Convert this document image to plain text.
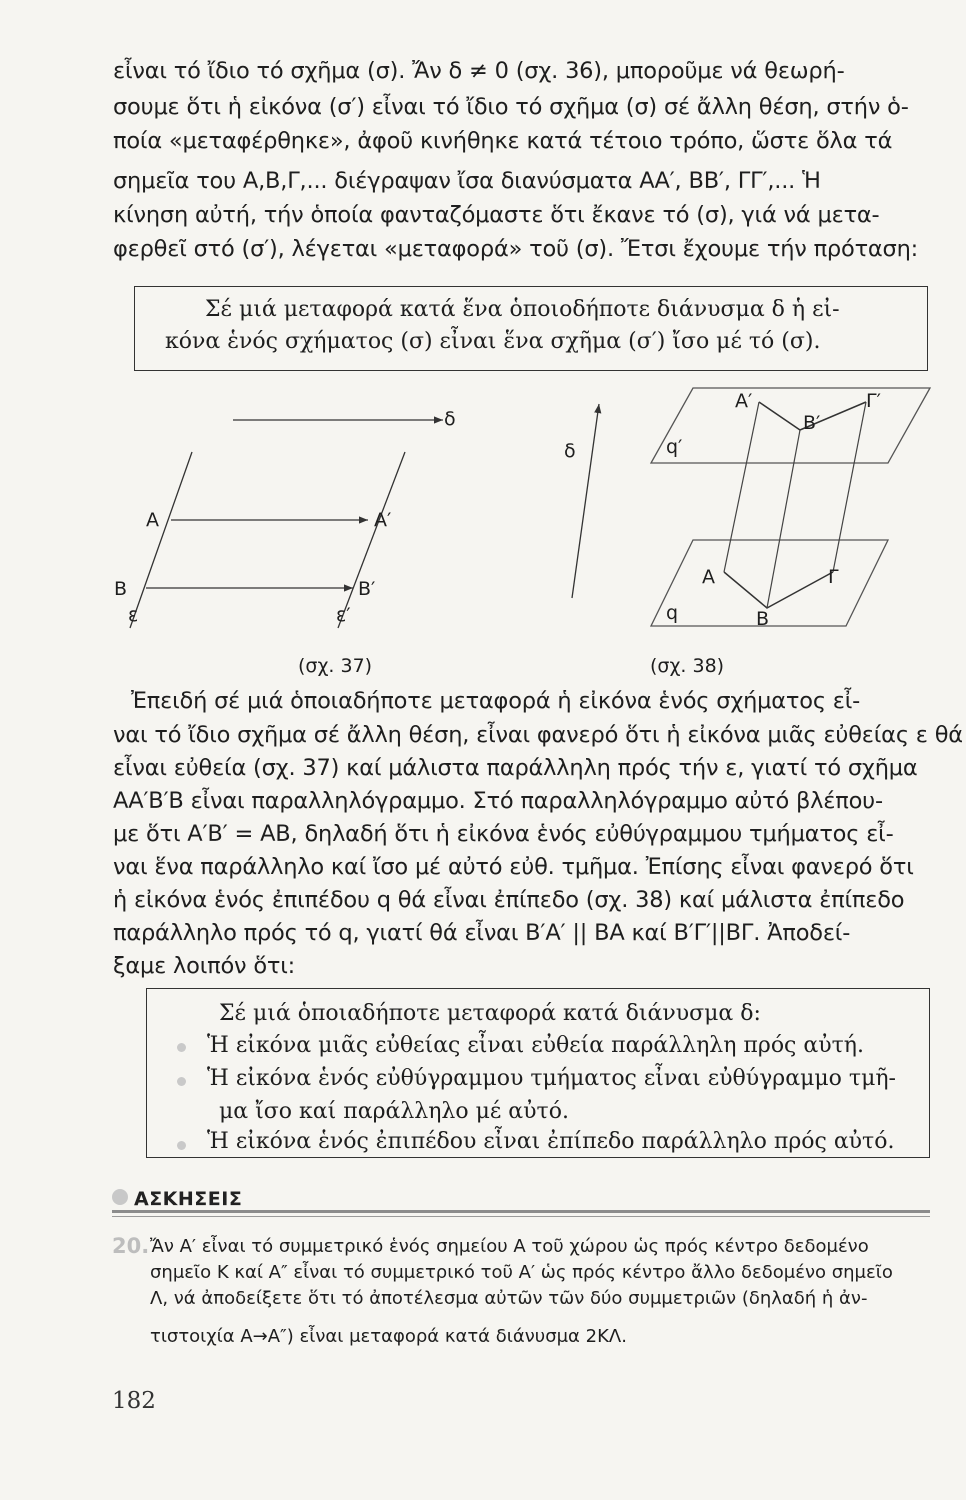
εἶναι τό ἴδιο τό σχῆμα (σ). Ἄν δ ≠ 0 (σχ. 36), μποροῦμε νά θεωρή-
σουμε ὅτι ἡ εἰκόνα (σ′) εἶναι τό ἴδιο τό σχῆμα (σ) σέ ἄλλη θέση, στήν ὁ-
ποία «μεταφέρθηκε», ἀφοῦ κινήθηκε κατά τέτοιο τρόπο, ὥστε ὅλα τά
σημεῖα του Α,Β,Γ,... διέγραψαν ἴσα διανύσματα ΑΑ′, ΒΒ′, ΓΓ′,... Ἡ
κίνηση αὐτή, τήν ὁποία φανταζόμαστε ὅτι ἔκανε τό (σ), γιά νά μετα-
φερθεῖ στό (σ′), λέγεται «μεταφορά» τοῦ (σ). Ἔτσι ἔχουμε τήν πρόταση:
Σέ μιά μεταφορά κατά ἕνα ὁποιοδήποτε διάνυσμα δ ἡ εἰ-
κόνα ἑνός σχήματος (σ) εἶναι ἕνα σχῆμα (σ′) ἴσο μέ τό (σ).
δ
Α	Α′
Β	Β′
ε	ε′
(σχ. 37)
δ
Α′
Β′
Γ′
q′
Α
Β
Γ
q
(σχ. 38)
Ἐπειδή σέ μιά ὁποιαδήποτε μεταφορά ἡ εἰκόνα ἑνός σχήματος εἶ-
ναι τό ἴδιο σχῆμα σέ ἄλλη θέση, εἶναι φανερό ὅτι ἡ εἰκόνα μιᾶς εὐθείας ε θά
εἶναι εὐθεία (σχ. 37) καί μάλιστα παράλληλη πρός τήν ε, γιατί τό σχῆμα
ΑΑ′Β′Β εἶναι παραλληλόγραμμο. Στό παραλληλόγραμμο αὐτό βλέπου-
με ὅτι Α′Β′ = ΑΒ, δηλαδή ὅτι ἡ εἰκόνα ἑνός εὐθύγραμμου τμήματος εἶ-
ναι ἕνα παράλληλο καί ἴσο μέ αὐτό εὐθ. τμῆμα. Ἐπίσης εἶναι φανερό ὅτι
ἡ εἰκόνα ἑνός ἐπιπέδου q θά εἶναι ἐπίπεδο (σχ. 38) καί μάλιστα ἐπίπεδο
παράλληλο πρός τό q, γιατί θά εἶναι Β′Α′ || ΒΑ καί Β′Γ′||ΒΓ. Ἀποδεί-
ξαμε λοιπόν ὅτι:
Σέ μιά ὁποιαδήποτε μεταφορά κατά διάνυσμα δ:
Ἡ εἰκόνα μιᾶς εὐθείας εἶναι εὐθεία παράλληλη πρός αὐτή.
Ἡ εἰκόνα ἑνός εὐθύγραμμου τμήματος εἶναι εὐθύγραμμο τμῆ-
μα ἴσο καί παράλληλο μέ αὐτό.
Ἡ εἰκόνα ἑνός ἐπιπέδου εἶναι ἐπίπεδο παράλληλο πρός αὐτό.
ΑΣΚΗΣΕΙΣ
20. Ἄν Α′ εἶναι τό συμμετρικό ἑνός σημείου Α τοῦ χώρου ὡς πρός κέντρο δεδομένο
σημεῖο Κ καί Α″ εἶναι τό συμμετρικό τοῦ Α′ ὡς πρός κέντρο ἄλλο δεδομένο σημεῖο
Λ, νά ἀποδείξετε ὅτι τό ἀποτέλεσμα αὐτῶν τῶν δύο συμμετριῶν (δηλαδή ἡ ἀν-
τιστοιχία Α→Α″) εἶναι μεταφορά κατά διάνυσμα 2ΚΛ.
182
